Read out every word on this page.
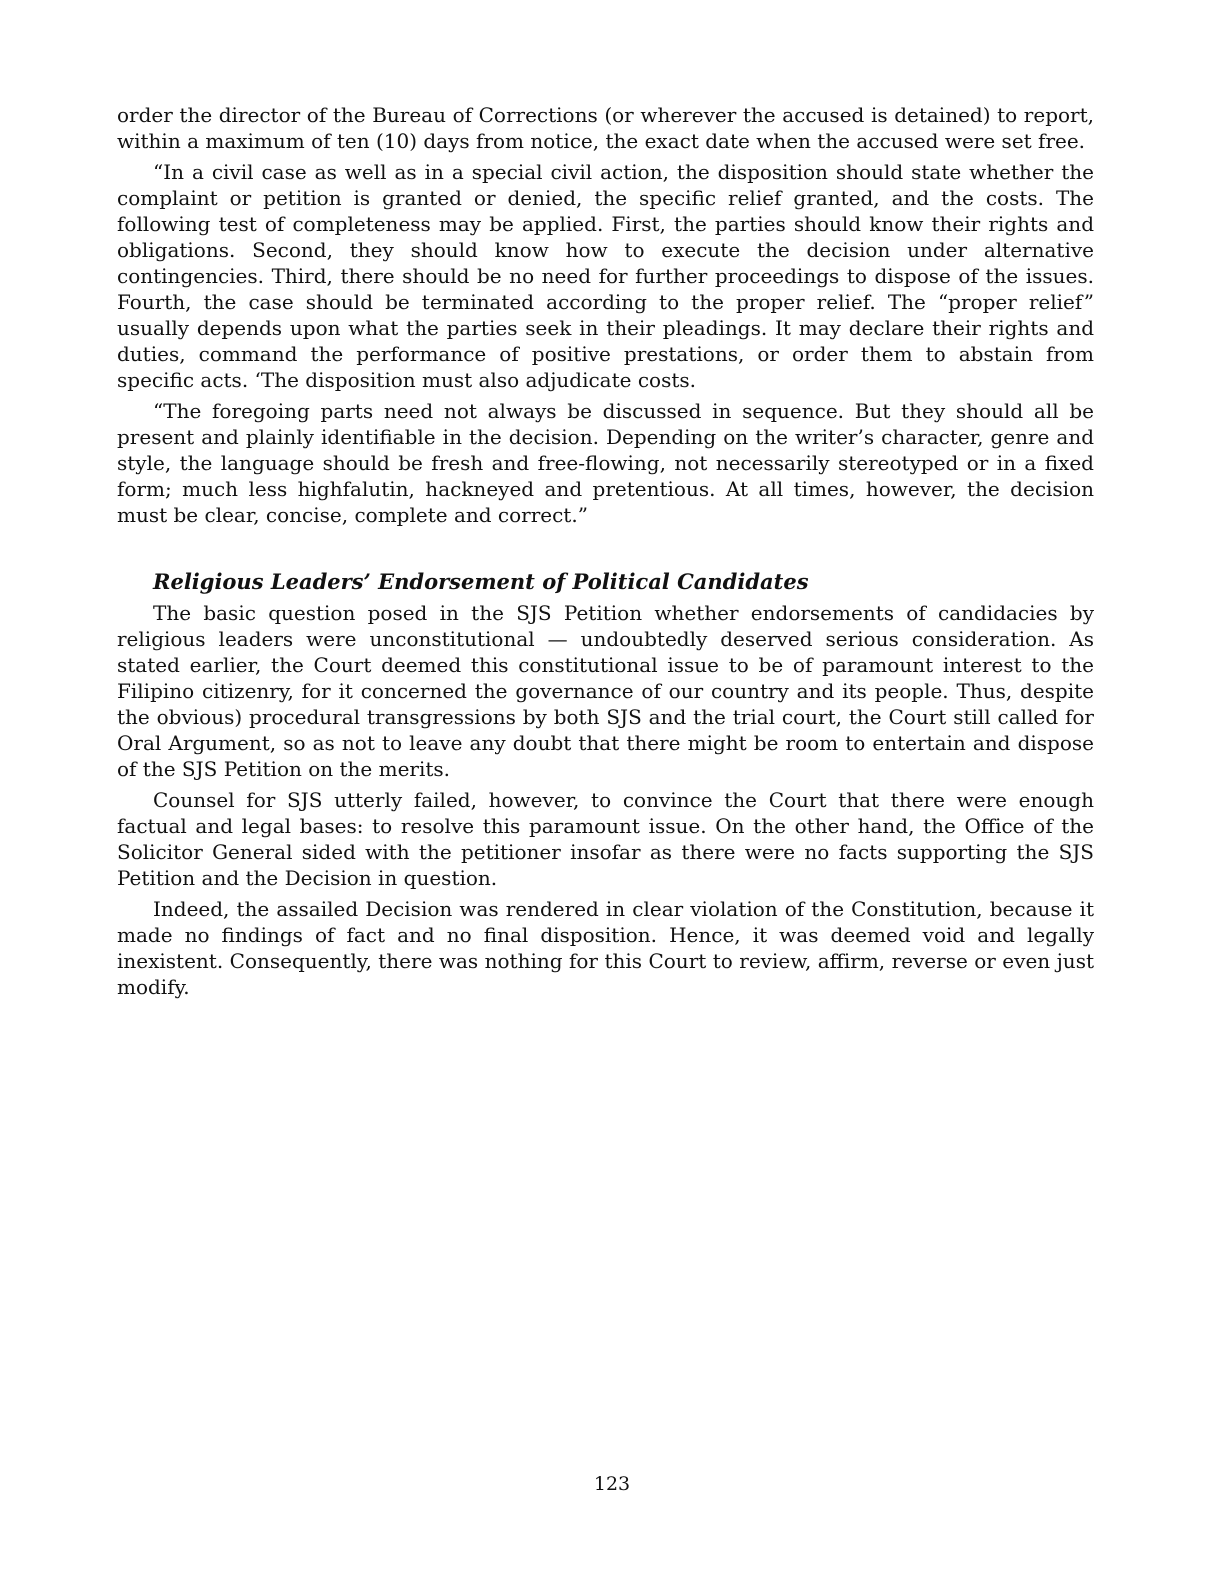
order the director of the Bureau of Corrections (or wherever the accused is detained) to report, within a maximum of ten (10) days from notice, the exact date when the accused were set free.

“In a civil case as well as in a special civil action, the disposition should state whether the complaint or petition is granted or denied, the specific relief granted, and the costs. The following test of completeness may be applied. First, the parties should know their rights and obligations. Second, they should know how to execute the decision under alternative contingencies. Third, there should be no need for further proceedings to dispose of the issues. Fourth, the case should be terminated according to the proper relief. The “proper relief” usually depends upon what the parties seek in their pleadings. It may declare their rights and duties, command the performance of positive prestations, or order them to abstain from specific acts. ‘The disposition must also adjudicate costs.

“The foregoing parts need not always be discussed in sequence. But they should all be present and plainly identifiable in the decision. Depending on the writer’s character, genre and style, the language should be fresh and free-flowing, not necessarily stereotyped or in a fixed form; much less highfalutin, hackneyed and pretentious. At all times, however, the decision must be clear, concise, complete and correct.”

Religious Leaders’ Endorsement of Political Candidates

The basic question posed in the SJS Petition whether endorsements of candidacies by religious leaders were unconstitutional — undoubtedly deserved serious consideration. As stated earlier, the Court deemed this constitutional issue to be of paramount interest to the Filipino citizenry, for it concerned the governance of our country and its people. Thus, despite the obvious) procedural transgressions by both SJS and the trial court, the Court still called for Oral Argument, so as not to leave any doubt that there might be room to entertain and dispose of the SJS Petition on the merits.

Counsel for SJS utterly failed, however, to convince the Court that there were enough factual and legal bases: to resolve this paramount issue. On the other hand, the Office of the Solicitor General sided with the petitioner insofar as there were no facts supporting the SJS Petition and the Decision in question.

Indeed, the assailed Decision was rendered in clear violation of the Constitution, because it made no findings of fact and no final disposition. Hence, it was deemed void and legally inexistent. Consequently, there was nothing for this Court to review, affirm, reverse or even just modify.

123
